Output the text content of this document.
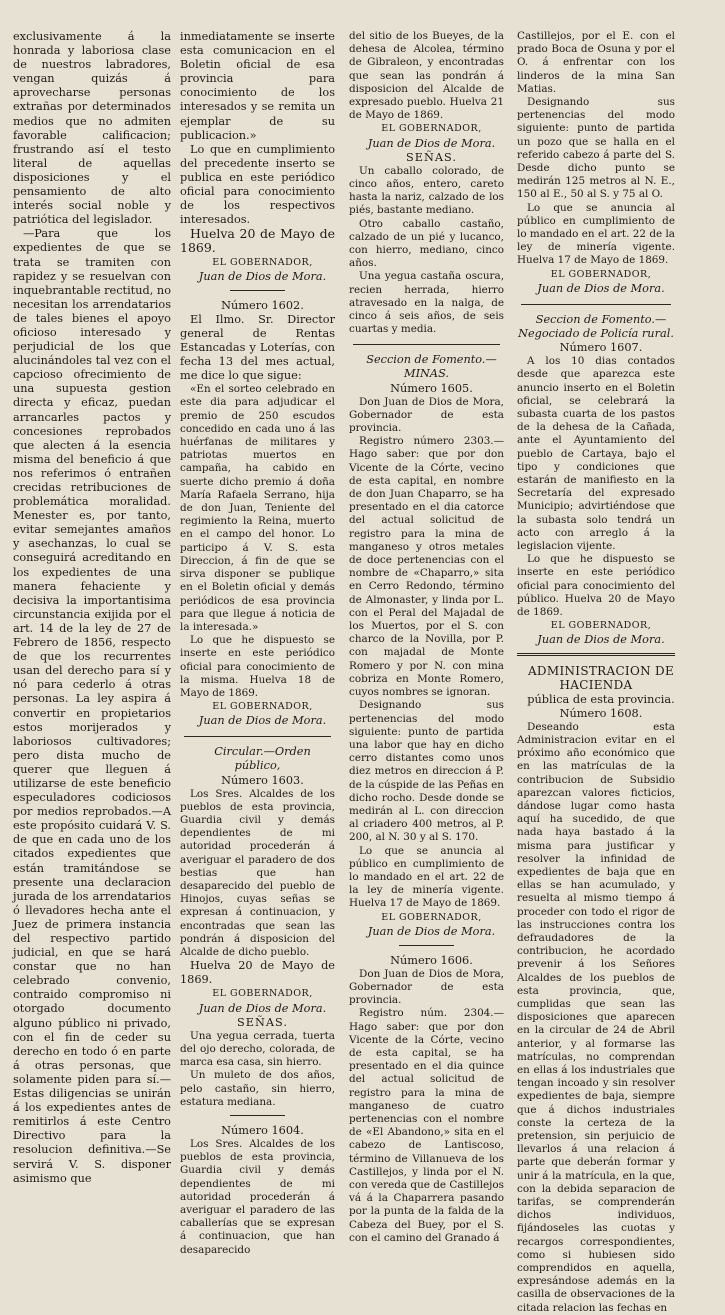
exclusivamente á la honrada y laboriosa clase de nuestros labradores, vengan quizás á aprovecharse personas extrañas por determinados medios que no admiten favorable calificacion; frustrando así el testo literal de aquellas disposiciones y el pensamiento de alto interés social noble y patriótica del legislador.

—Para que los expedientes de que se trata se tramiten con rapidez y se resuelvan con inquebrantable rectitud, no necesitan los arrendatarios de tales bienes el apoyo oficioso interesado y perjudicial de los que alucinándoles tal vez con el capcioso ofrecimiento de una supuesta gestion directa y eficaz, puedan arrancarles pactos y concesiones reprobados que alecten á la esencia misma del beneficio á que nos referimos ó entrañen crecidas retribuciones de problemática moralidad. Menester es, por tanto, evitar semejantes amaños y asechanzas, lo cual se conseguirá acreditando en los expedientes de una manera fehaciente y decisiva la importantisima circunstancia exijida por el art. 14 de la ley de 27 de Febrero de 1856, respecto de que los recurrentes usan del derecho para sí y nó para cederlo á otras personas. La ley aspira á convertir en propietarios estos morijerados y laboriosos cultivadores; pero dista mucho de querer que lleguen á utilizarse de este beneficio especuladores codiciosos por medios reprobados.—A este propósito cuidará V. S. de que en cada uno de los citados expedientes que están tramitándose se presente una declaracion jurada de los arrendatarios ó llevadores hecha ante el Juez de primera instancia del respectivo partido judicial, en que se hará constar que no han celebrado convenio, contraido compromiso ni otorgado documento alguno público ni privado, con el fin de ceder su derecho en todo ó en parte á otras personas, que solamente piden para sí.—Estas diligencias se unirán á los expedientes antes de remitirlos á este Centro Directivo para la resolucion definitiva.—Se servirá V. S. disponer asimismo que

inmediatamente se inserte esta comunicacion en el Boletin oficial de esa provincia para conocimiento de los interesados y se remita un ejemplar de su publicacion.»

Lo que en cumplimiento del precedente inserto se publica en este periódico oficial para conocimiento de los respectivos interesados.

Huelva 20 de Mayo de 1869.

EL GOBERNADOR,

Juan de Dios de Mora.

Número 1602.

El Ilmo. Sr. Director general de Rentas Estancadas y Loterías, con fecha 13 del mes actual, me dice lo que sigue:

«En el sorteo celebrado en este dia para adjudicar el premio de 250 escudos concedido en cada uno á las huérfanas de militares y patriotas muertos en campaña, ha cabido en suerte dicho premio á doña María Rafaela Serrano, hija de don Juan, Teniente del regimiento la Reina, muerto en el campo del honor. Lo participo á V. S. esta Direccion, á fin de que se sirva disponer se publique en el Boletin oficial y demás periódicos de esa provincia para que llegue á noticia de la interesada.»

Lo que he dispuesto se inserte en este periódico oficial para conocimiento de la misma. Huelva 18 de Mayo de 1869.

EL GOBERNADOR,

Juan de Dios de Mora.

Circular.—Orden público,

Número 1603.

Los Sres. Alcaldes de los pueblos de esta provincia, Guardia civil y demás dependientes de mi autoridad procederán á averiguar el paradero de dos bestias que han desaparecido del pueblo de Hinojos, cuyas señas se expresan á continuacion, y encontradas que sean las pondrán á disposicion del Alcalde de dicho pueblo.

Huelva 20 de Mayo de 1869.

EL GOBERNADOR,

Juan de Dios de Mora.

SEÑAS.

Una yegua cerrada, tuerta del ojo derecho, colorada, de marca esa casa, sin hierro.

Un muleto de dos años, pelo castaño, sin hierro, estatura mediana.

Número 1604.

Los Sres. Alcaldes de los pueblos de esta provincia, Guardia civil y demás dependientes de mi autoridad procederán á averiguar el paradero de las caballerías que se expresan á continuacion, que han desaparecido

del sitio de los Bueyes, de la dehesa de Alcolea, término de Gibraleon, y encontradas que sean las pondrán á disposicion del Alcalde de expresado pueblo. Huelva 21 de Mayo de 1869.

EL GOBERNADOR,

Juan de Dios de Mora.

SEÑAS.

Un caballo colorado, de cinco años, entero, careto hasta la nariz, calzado de los piés, bastante mediano.

Otro caballo castaño, calzado de un pié y lucanco, con hierro, mediano, cinco años.

Una yegua castaña oscura, recien herrada, hierro atravesado en la nalga, de cinco á seis años, de seis cuartas y media.

Seccion de Fomento.—MINAS.

Número 1605.

Don Juan de Dios de Mora, Gobernador de esta provincia.

Registro número 2303.—Hago saber: que por don Vicente de la Córte, vecino de esta capital, en nombre de don Juan Chaparro, se ha presentado en el dia catorce del actual solicitud de registro para la mina de manganeso y otros metales de doce pertenencias con el nombre de «Chaparro,» sita en Cerro Redondo, término de Almonaster, y linda por L. con el Peral del Majadal de los Muertos, por el S. con charco de la Novilla, por P. con majadal de Monte Romero y por N. con mina cobriza en Monte Romero, cuyos nombres se ignoran.

Designando sus pertenencias del modo siguiente: punto de partida una labor que hay en dicho cerro distantes como unos diez metros en direccion á P. de la cúspide de las Peñas en dicho rocho. Desde donde se medirán al L. con direccion al criadero 400 metros, al P. 200, al N. 30 y al S. 170.

Lo que se anuncia al público en cumplimiento de lo mandado en el art. 22 de la ley de minería vigente. Huelva 17 de Mayo de 1869.

EL GOBERNADOR,

Juan de Dios de Mora.

Número 1606.

Don Juan de Dios de Mora, Gobernador de esta provincia.

Registro núm. 2304.—Hago saber: que por don Vicente de la Córte, vecino de esta capital, se ha presentado en el dia quince del actual solicitud de registro para la mina de manganeso de cuatro pertenencias con el nombre de «El Abandono,» sita en el cabezo de Lantiscoso, término de Villanueva de los Castillejos, y linda por el N. con vereda que de Castillejos vá á la Chaparrera pasando por la punta de la falda de la Cabeza del Buey, por el S. con el camino del Granado á

Castillejos, por el E. con el prado Boca de Osuna y por el O. á enfrentar con los linderos de la mina San Matias.

Designando sus pertenencias del modo siguiente: punto de partida un pozo que se halla en el referido cabezo á parte del S. Desde dicho punto se medirán 125 metros al N. E., 150 al E., 50 al S. y 75 al O.

Lo que se anuncia al público en cumplimiento de lo mandado en el art. 22 de la ley de minería vigente. Huelva 17 de Mayo de 1869.

EL GOBERNADOR,

Juan de Dios de Mora.

Seccion de Fomento.—Negociado de Policía rural.

Número 1607.

A los 10 dias contados desde que aparezca este anuncio inserto en el Boletin oficial, se celebrará la subasta cuarta de los pastos de la dehesa de la Cañada, ante el Ayuntamiento del pueblo de Cartaya, bajo el tipo y condiciones que estarán de manifiesto en la Secretaría del expresado Municipio; advirtiéndose que la subasta solo tendrá un acto con arreglo á la legislacion vijente.

Lo que he dispuesto se inserte en este periódico oficial para conocimiento del público. Huelva 20 de Mayo de 1869.

EL GOBERNADOR,

Juan de Dios de Mora.

ADMINISTRACION DE HACIENDA

pública de esta provincia.

Número 1608.

Deseando esta Administracion evitar en el próximo año económico que en las matrículas de la contribucion de Subsidio aparezcan valores ficticios, dándose lugar como hasta aquí ha sucedido, de que nada haya bastado á la misma para justificar y resolver la infinidad de expedientes de baja que en ellas se han acumulado, y resuelta al mismo tiempo á proceder con todo el rigor de las instrucciones contra los defraudadores de la contribucion, he acordado prevenir á los Señores Alcaldes de los pueblos de esta provincia, que, cumplidas que sean las disposiciones que aparecen en la circular de 24 de Abril anterior, y al formarse las matrículas, no comprendan en ellas á los industriales que tengan incoado y sin resolver expedientes de baja, siempre que á dichos industriales conste la certeza de la pretension, sin perjuicio de llevarlos á una relacion á parte que deberán formar y unir á la matrícula, en la que, con la debida separacion de tarifas, se comprenderán dichos individuos, fijándoseles las cuotas y recargos correspondientes, como si hubiesen sido comprendidos en aquella, expresándose además en la casilla de observaciones de la citada relacion las fechas en
